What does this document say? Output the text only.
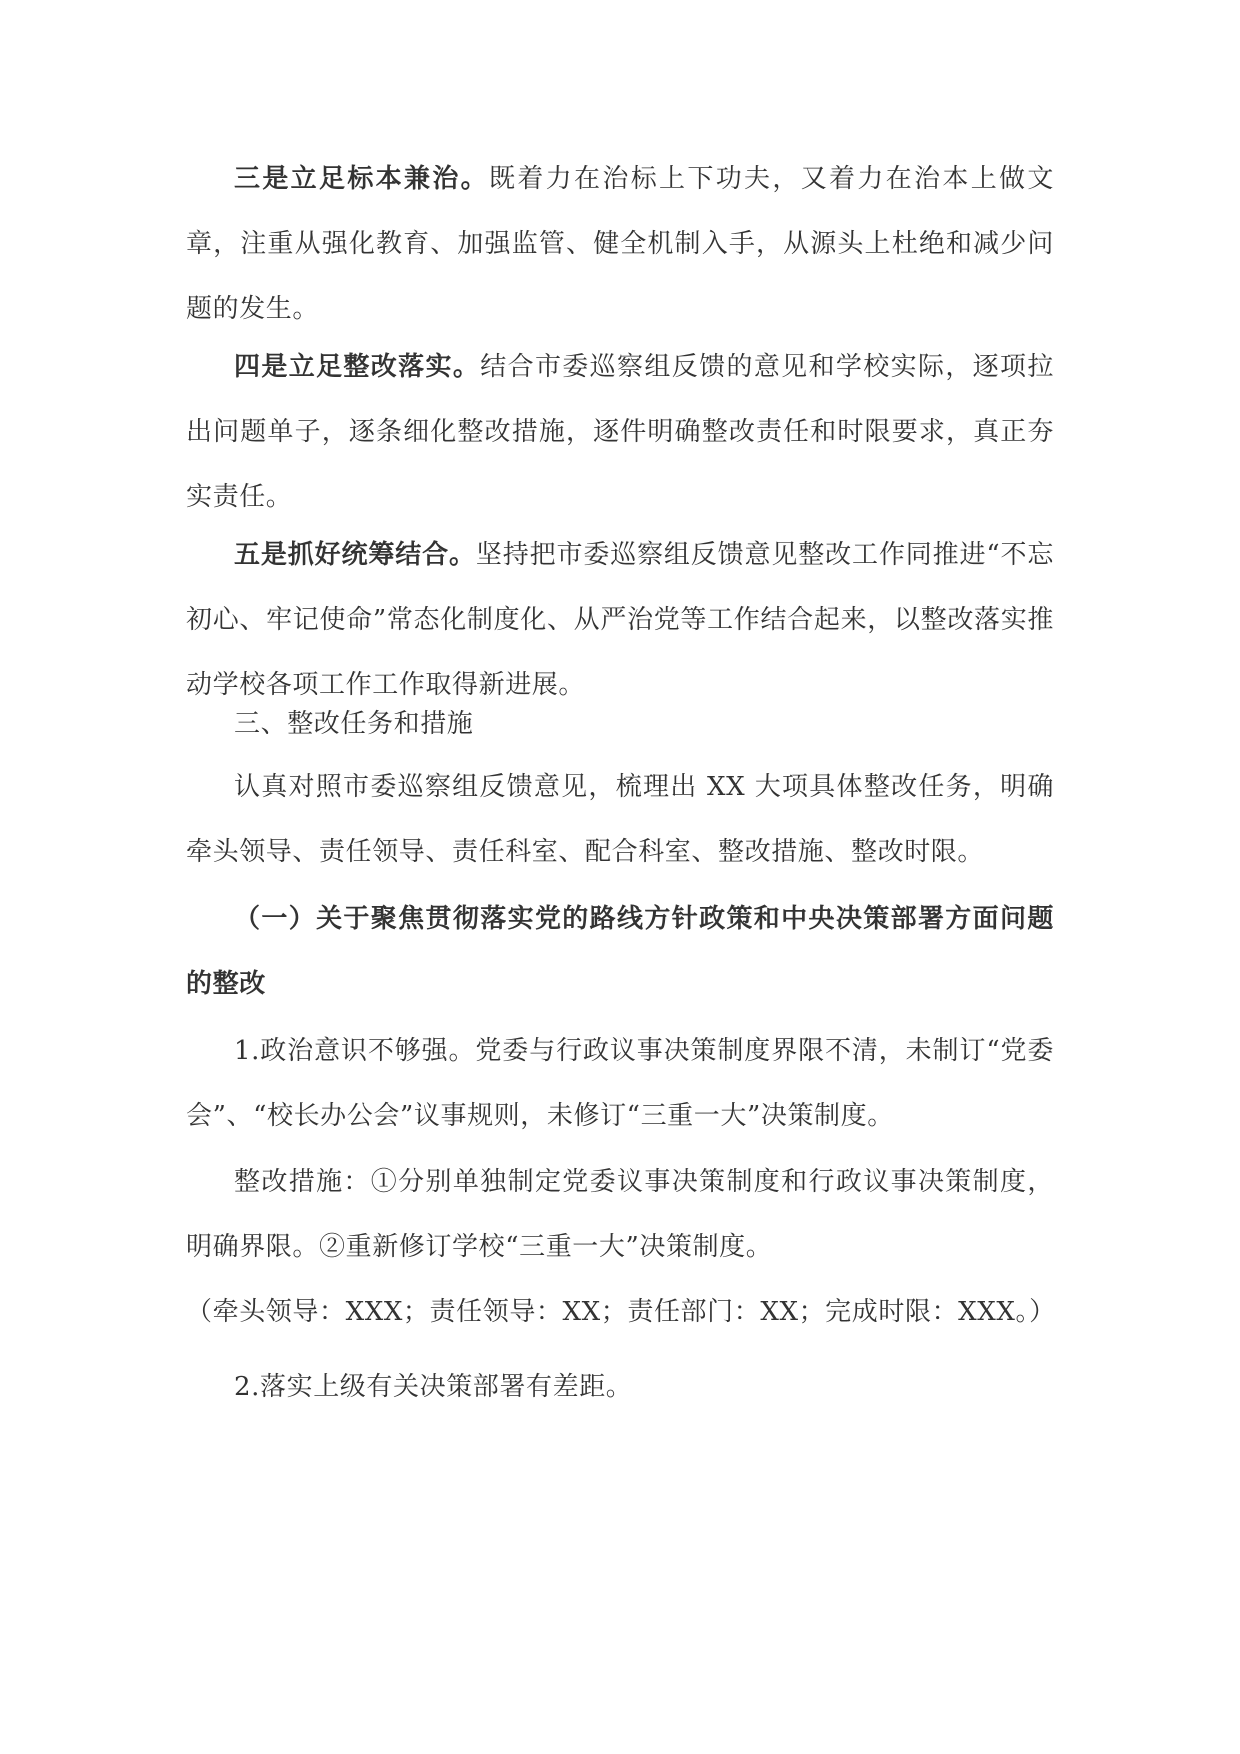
三是立足标本兼治。既着力在治标上下功夫，又着力在治本上做文章，注重从强化教育、加强监管、健全机制入手，从源头上杜绝和减少问题的发生。

四是立足整改落实。结合市委巡察组反馈的意见和学校实际，逐项拉出问题单子，逐条细化整改措施，逐件明确整改责任和时限要求，真正夯实责任。

五是抓好统筹结合。坚持把市委巡察组反馈意见整改工作同推进“不忘初心、牢记使命”常态化制度化、从严治党等工作结合起来，以整改落实推动学校各项工作工作取得新进展。

三、整改任务和措施

认真对照市委巡察组反馈意见，梳理出 XX 大项具体整改任务，明确牵头领导、责任领导、责任科室、配合科室、整改措施、整改时限。

（一）关于聚焦贯彻落实党的路线方针政策和中央决策部署方面问题的整改

1.政治意识不够强。党委与行政议事决策制度界限不清，未制订“党委会”、“校长办公会”议事规则，未修订“三重一大”决策制度。

整改措施：①分别单独制定党委议事决策制度和行政议事决策制度，明确界限。②重新修订学校“三重一大”决策制度。

（牵头领导：XXX；责任领导：XX；责任部门：XX；完成时限：XXX。）

2.落实上级有关决策部署有差距。
